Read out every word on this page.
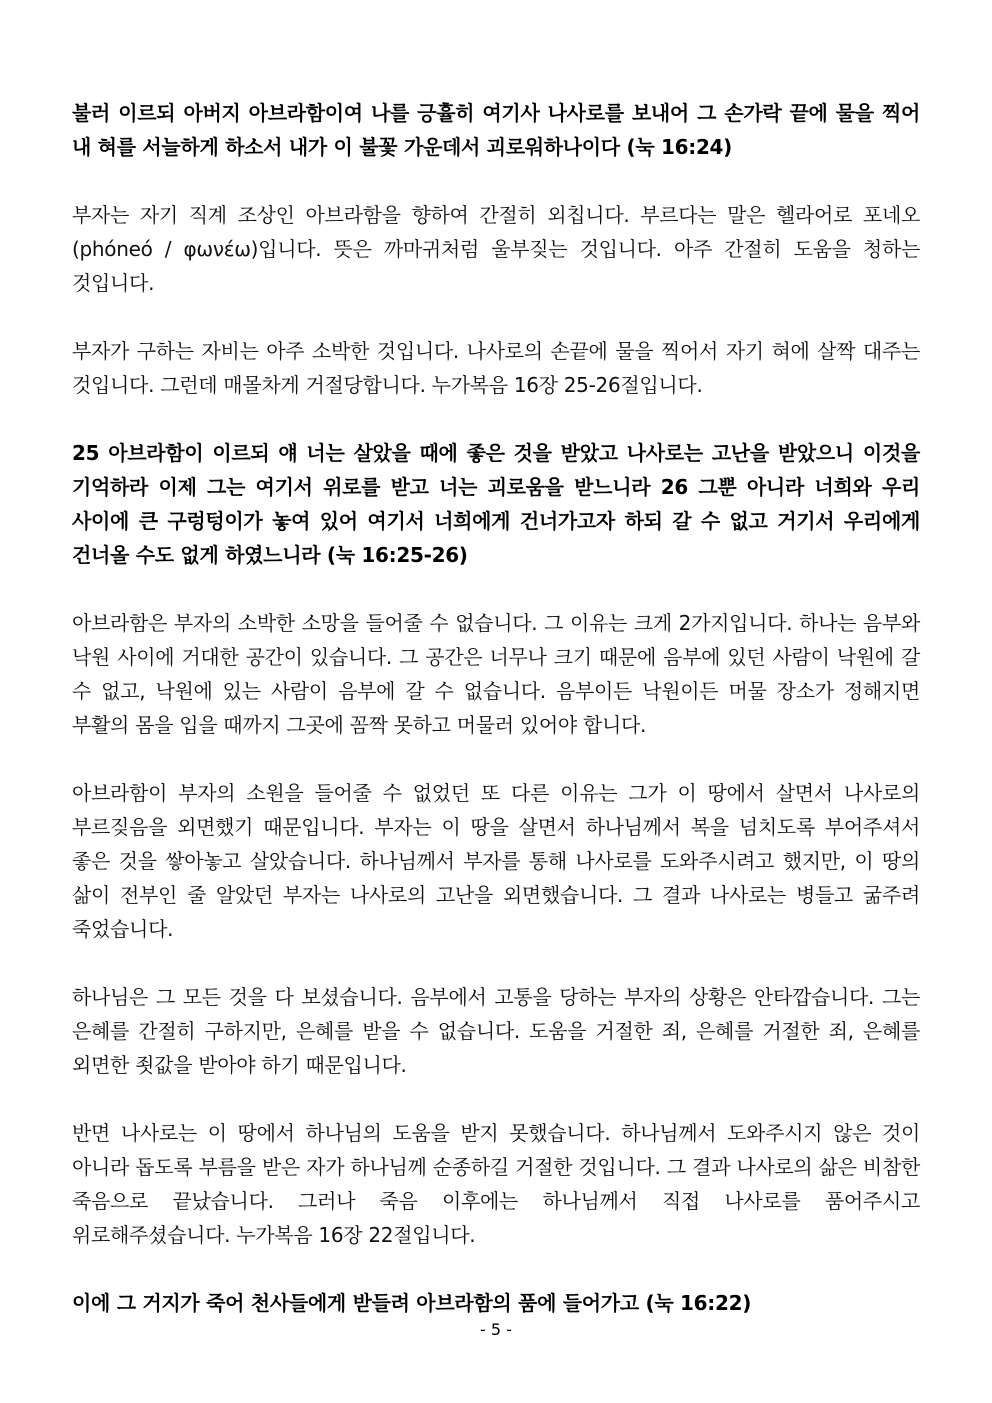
불러 이르되 아버지 아브라함이여 나를 긍휼히 여기사 나사로를 보내어 그 손가락 끝에 물을 찍어 내 혀를 서늘하게 하소서 내가 이 불꽃 가운데서 괴로워하나이다 (눅 16:24)

부자는 자기 직계 조상인 아브라함을 향하여 간절히 외칩니다. 부르다는 말은 헬라어로 포네오(phóneó / φωνέω)입니다. 뜻은 까마귀처럼 울부짖는 것입니다. 아주 간절히 도움을 청하는 것입니다.

부자가 구하는 자비는 아주 소박한 것입니다. 나사로의 손끝에 물을 찍어서 자기 혀에 살짝 대주는 것입니다. 그런데 매몰차게 거절당합니다. 누가복음 16장 25-26절입니다.

25 아브라함이 이르되 얘 너는 살았을 때에 좋은 것을 받았고 나사로는 고난을 받았으니 이것을 기억하라 이제 그는 여기서 위로를 받고 너는 괴로움을 받느니라 26 그뿐 아니라 너희와 우리 사이에 큰 구렁텅이가 놓여 있어 여기서 너희에게 건너가고자 하되 갈 수 없고 거기서 우리에게 건너올 수도 없게 하였느니라 (눅 16:25-26)

아브라함은 부자의 소박한 소망을 들어줄 수 없습니다. 그 이유는 크게 2가지입니다. 하나는 음부와 낙원 사이에 거대한 공간이 있습니다. 그 공간은 너무나 크기 때문에 음부에 있던 사람이 낙원에 갈 수 없고, 낙원에 있는 사람이 음부에 갈 수 없습니다. 음부이든 낙원이든 머물 장소가 정해지면 부활의 몸을 입을 때까지 그곳에 꼼짝 못하고 머물러 있어야 합니다.

아브라함이 부자의 소원을 들어줄 수 없었던 또 다른 이유는 그가 이 땅에서 살면서 나사로의 부르짖음을 외면했기 때문입니다. 부자는 이 땅을 살면서 하나님께서 복을 넘치도록 부어주셔서 좋은 것을 쌓아놓고 살았습니다. 하나님께서 부자를 통해 나사로를 도와주시려고 했지만, 이 땅의 삶이 전부인 줄 알았던 부자는 나사로의 고난을 외면했습니다. 그 결과 나사로는 병들고 굶주려 죽었습니다.

하나님은 그 모든 것을 다 보셨습니다. 음부에서 고통을 당하는 부자의 상황은 안타깝습니다. 그는 은혜를 간절히 구하지만, 은혜를 받을 수 없습니다. 도움을 거절한 죄, 은혜를 거절한 죄, 은혜를 외면한 죗값을 받아야 하기 때문입니다.

반면 나사로는 이 땅에서 하나님의 도움을 받지 못했습니다. 하나님께서 도와주시지 않은 것이 아니라 돕도록 부름을 받은 자가 하나님께 순종하길 거절한 것입니다. 그 결과 나사로의 삶은 비참한 죽음으로 끝났습니다. 그러나 죽음 이후에는 하나님께서 직접 나사로를 품어주시고 위로해주셨습니다. 누가복음 16장 22절입니다.

이에 그 거지가 죽어 천사들에게 받들려 아브라함의 품에 들어가고 (눅 16:22)

- 5 -
